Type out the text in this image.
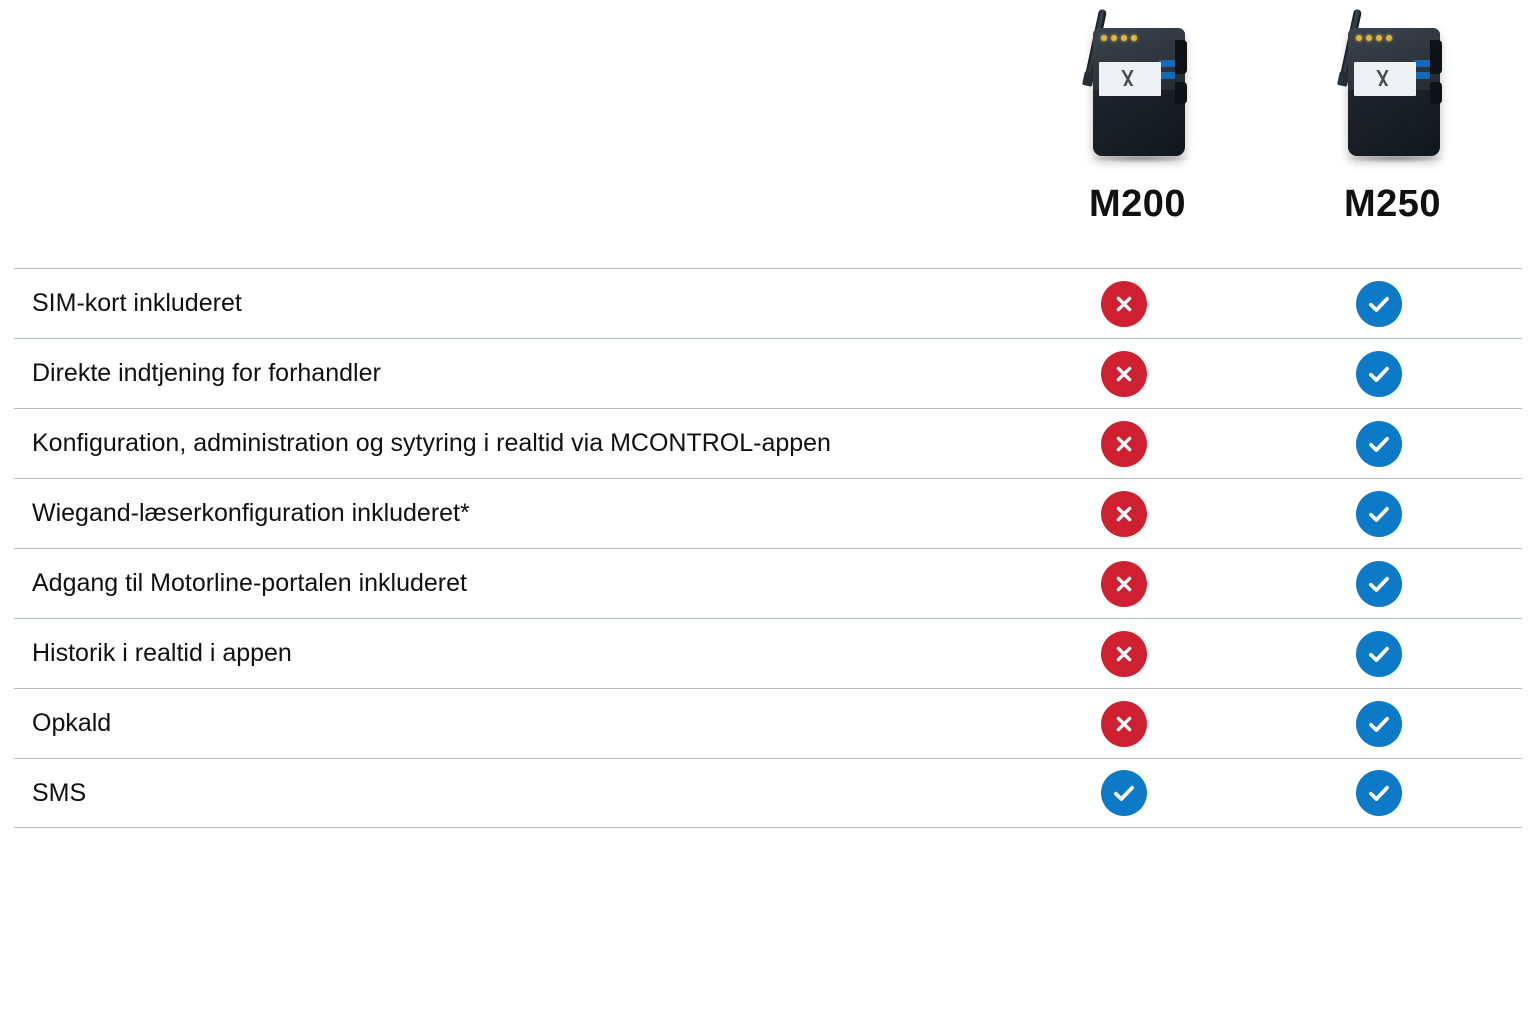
M200	M250
SIM-kort inkluderet
Direkte indtjening for forhandler
Konfiguration, administration og sytyring i realtid via MCONTROL-appen
Wiegand-læserkonfiguration inkluderet*
Adgang til Motorline-portalen inkluderet
Historik i realtid i appen
Opkald
SMS
